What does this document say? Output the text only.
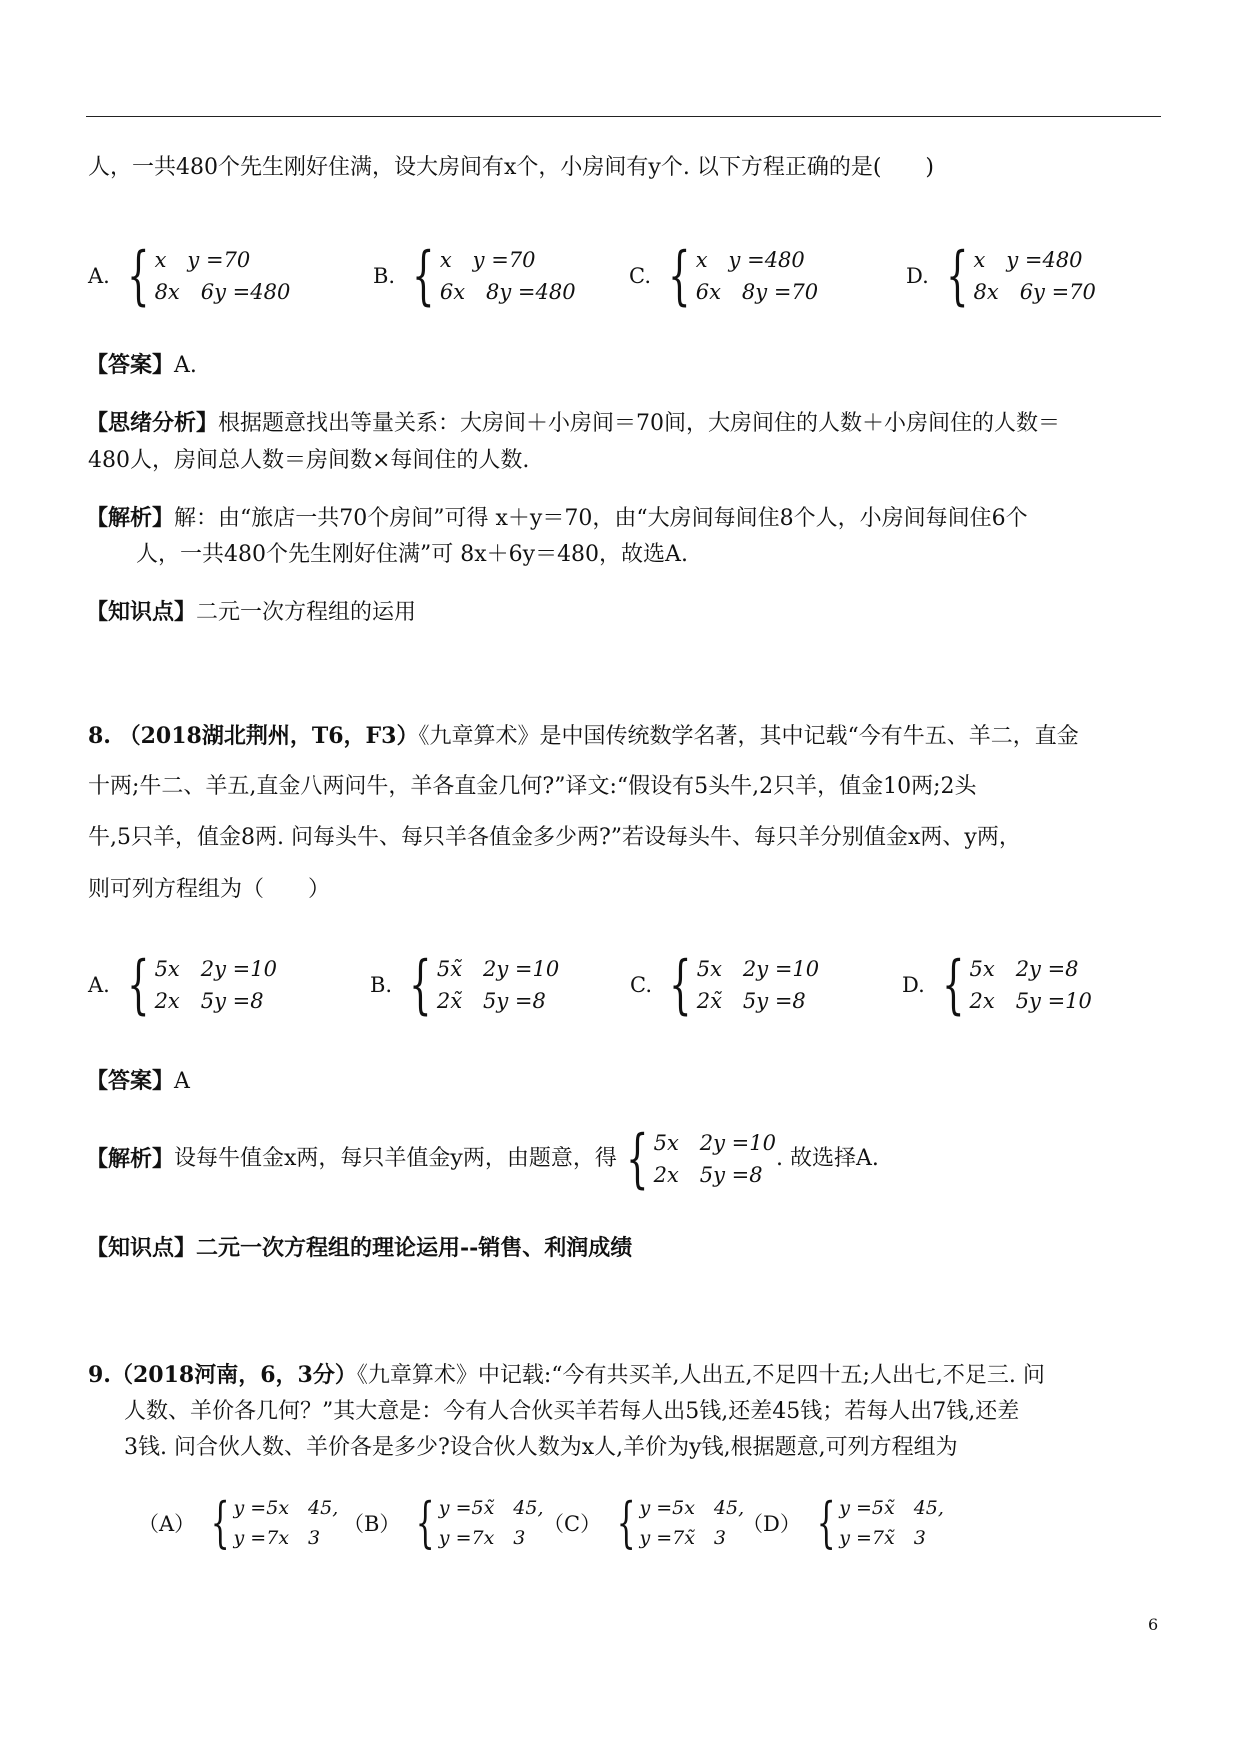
人，一共480个先生刚好住满，设大房间有x个，小房间有y个. 以下方程正确的是(　　)
A. { x　y =70
8x　6y =480
B. { x　y =70
6x　8y =480
C. { x　y =480
6x　8y =70
D. { x　y =480
8x　6y =70
【答案】A.
【思绪分析】根据题意找出等量关系：大房间＋小房间＝70间，大房间住的人数＋小房间住的人数＝
480人，房间总人数＝房间数×每间住的人数.
【解析】解：由“旅店一共70个房间”可得 x＋y＝70，由“大房间每间住8个人，小房间每间住6个
人，一共480个先生刚好住满”可 8x＋6y＝480，故选A.
【知识点】二元一次方程组的运用
8. （2018湖北荆州，T6，F3）《九章算术》是中国传统数学名著，其中记载“今有牛五、羊二，直金
十两;牛二、羊五,直金八两问牛，羊各直金几何?”译文:“假设有5头牛,2只羊，值金10两;2头
牛,5只羊，值金8两. 问每头牛、每只羊各值金多少两?”若设每头牛、每只羊分别值金x两、y两，
则可列方程组为（　　）
A. { 5x　2y =10
2x　5y =8
B. { 5x̃　2y =10
2x̃　5y =8
C. { 5x　2y =10
2x̃　5y =8
D. { 5x　2y =8
2x　5y =10
【答案】A
【解析】 设每牛值金x两，每只羊值金y两，由题意，得 { 5x　2y =10
2x　5y =8
. 故选择A.
【知识点】二元一次方程组的理论运用--销售、利润成绩
9.（2018河南，6，3分）《九章算术》中记载:“今有共买羊,人出五,不足四十五;人出七,不足三. 问
人数、羊价各几何？”其大意是：今有人合伙买羊若每人出5钱,还差45钱；若每人出7钱,还差
3钱. 问合伙人数、羊价各是多少?设合伙人数为x人,羊价为y钱,根据题意,可列方程组为
（A） { y =5x　45,
y =7x　3
（B） { y =5x̃　45,
y =7x　3
（C） { y =5x　45,
y =7x̃　3
（D） { y =5x̃　45,
y =7x̃　3
6
